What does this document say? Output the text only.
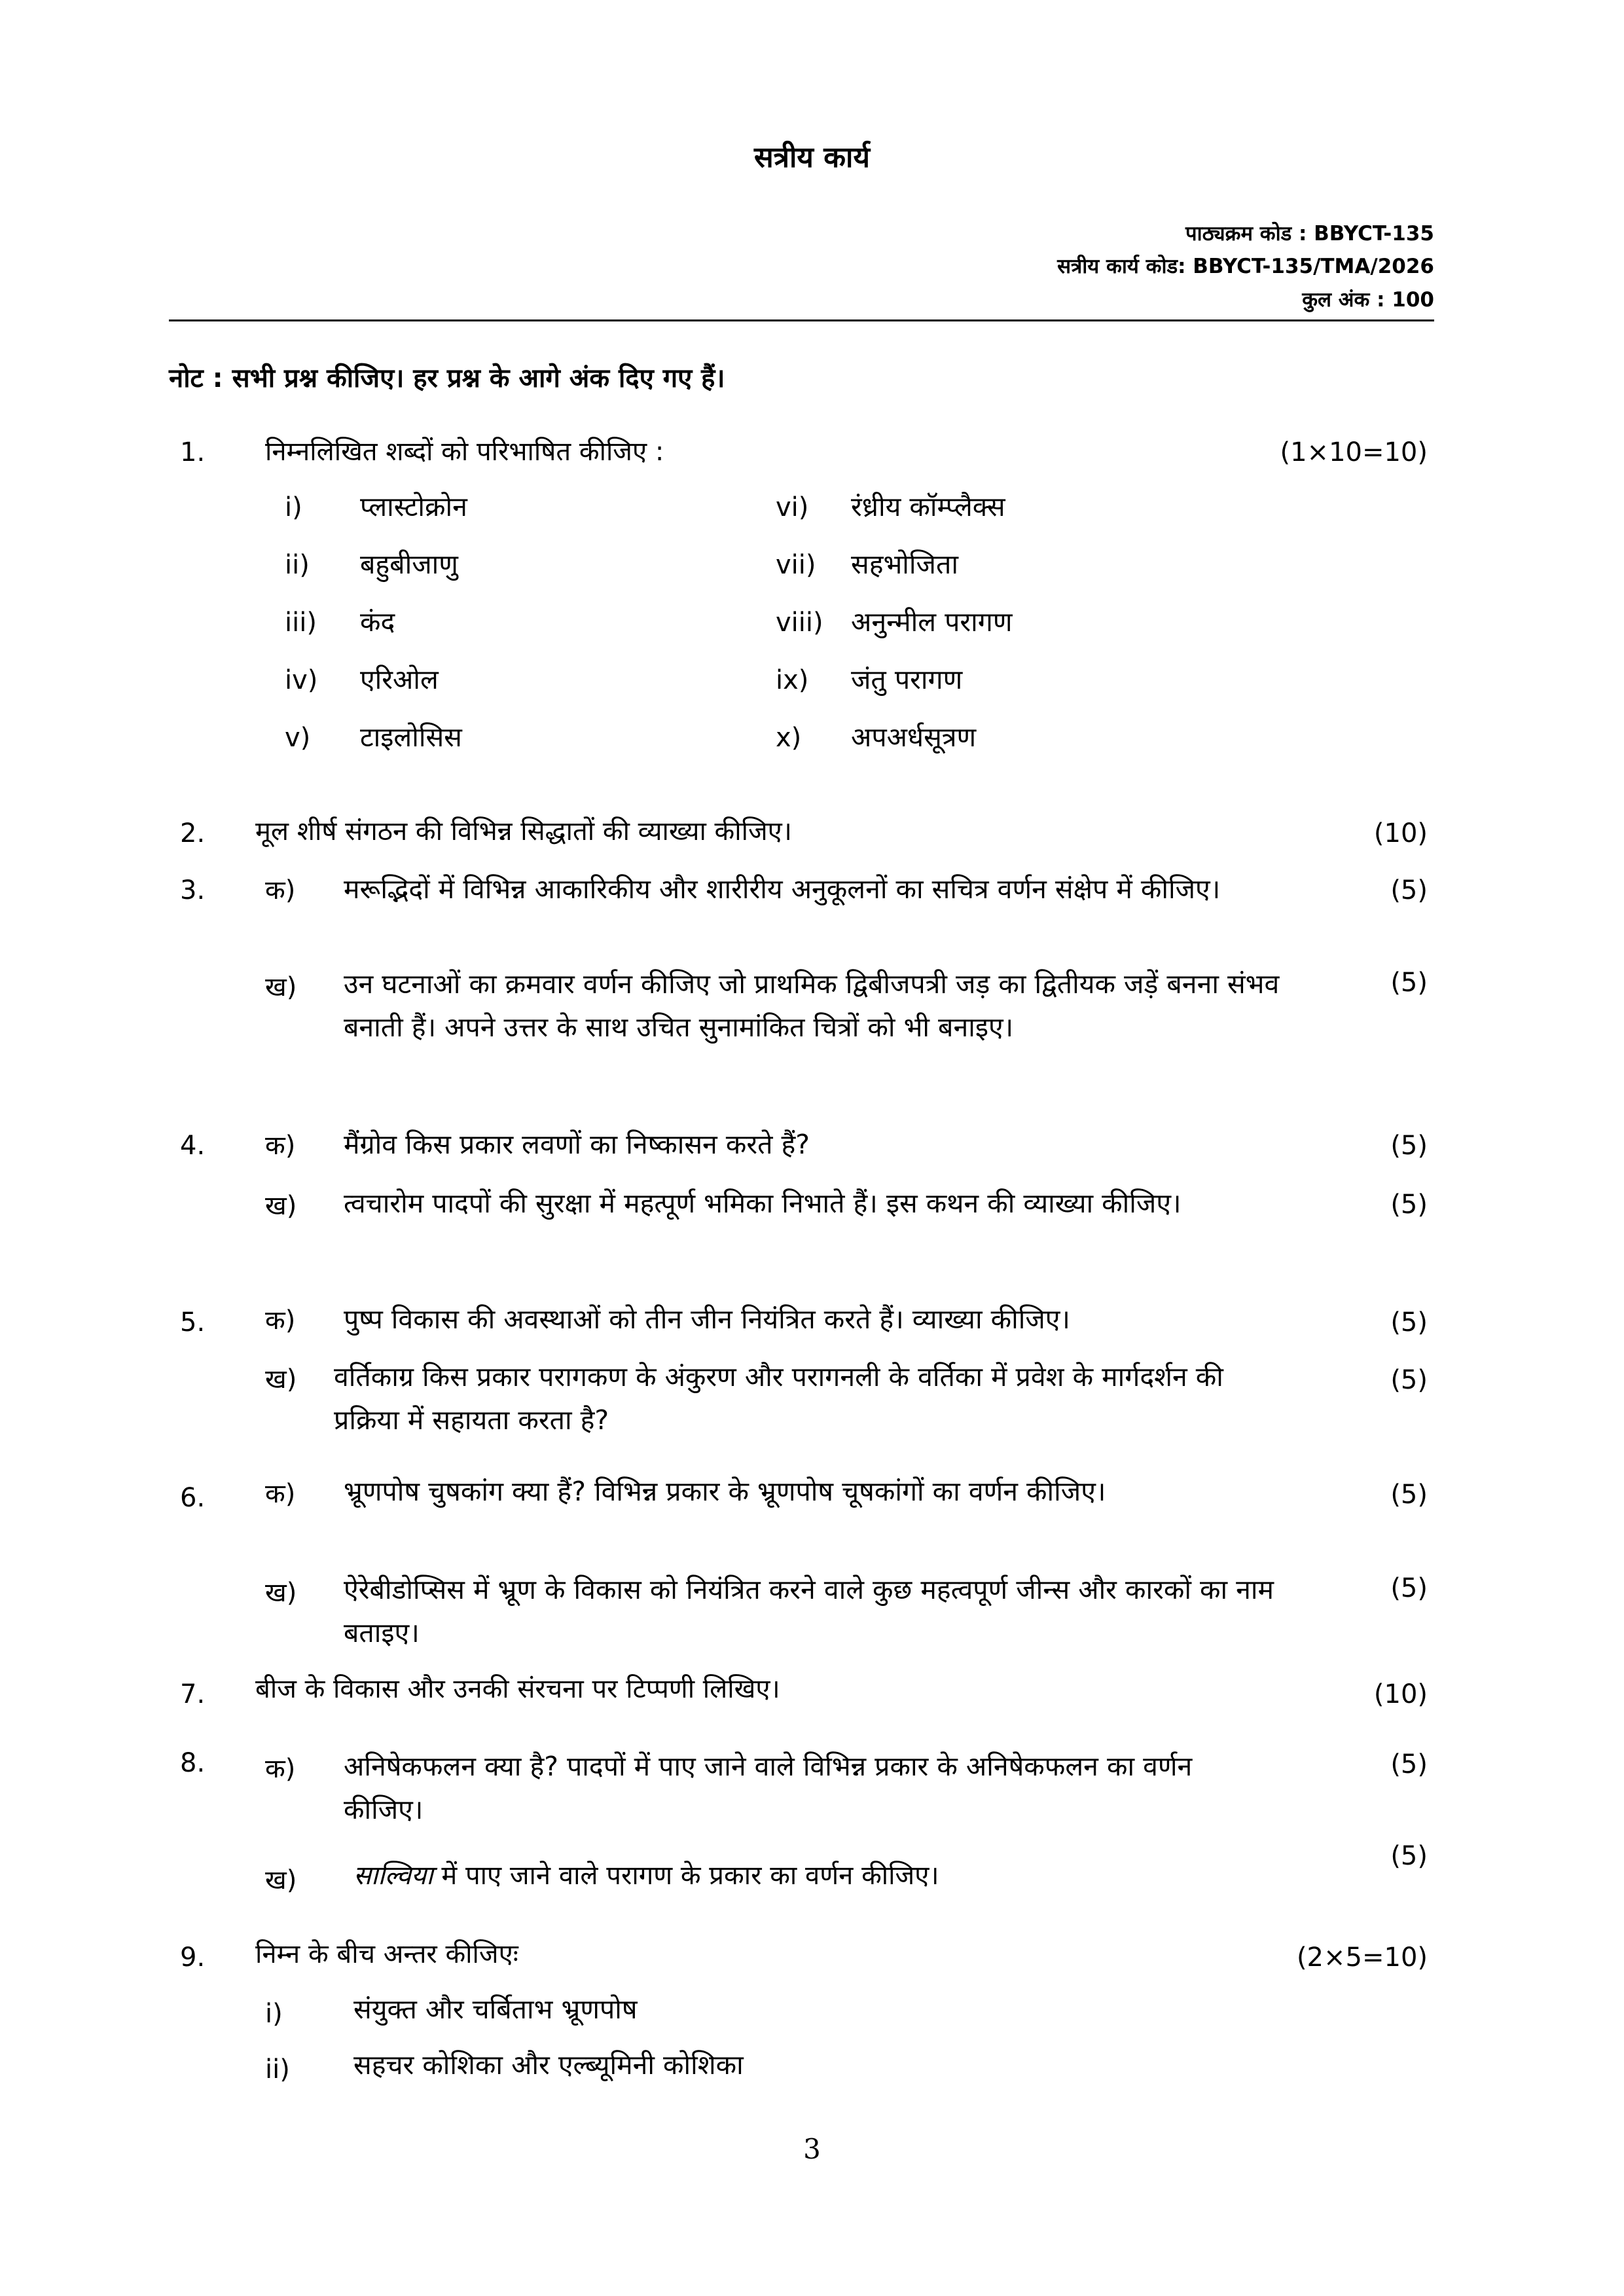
सत्रीय कार्य
पाठ्यक्रम कोड : BBYCT-135
सत्रीय कार्य कोड: BBYCT-135/TMA/2026
कुल अंक : 100
नोट : सभी प्रश्न कीजिए। हर प्रश्न के आगे अंक दिए गए हैं।
1. निम्नलिखित शब्दों को परिभाषित कीजिए :	(1×10=10)
i) प्लास्टोक्रोन
ii) बहुबीजाणु
iii) कंद
iv) एरिओल
v) टाइलोसिस
vi) रंध्रीय कॉम्प्लैक्स
vii) सहभोजिता
viii) अनुन्मील परागण
ix) जंतु परागण
x) अपअर्धसूत्रण
2. मूल शीर्ष संगठन की विभिन्न सिद्धातों की व्याख्या कीजिए।	(10)
3. क) मरूद्भिदों में विभिन्न आकारिकीय और शारीरीय अनुकूलनों का सचित्र वर्णन संक्षेप में कीजिए।	(5)
ख) उन घटनाओं का क्रमवार वर्णन कीजिए जो प्राथमिक द्विबीजपत्री जड़ का द्वितीयक जड़ें बनना संभव बनाती हैं। अपने उत्तर के साथ उचित सुनामांकित चित्रों को भी बनाइए।
(5)
4. क) मैंग्रोव किस प्रकार लवणों का निष्कासन करते हैं?	(5)
ख) त्वचारोम पादपों की सुरक्षा में महत्पूर्ण भमिका निभाते हैं। इस कथन की व्याख्या कीजिए।	(5)
5. क) पुष्प विकास की अवस्थाओं को तीन जीन नियंत्रित करते हैं। व्याख्या कीजिए।	(5)
ख) वर्तिकाग्र किस प्रकार परागकण के अंकुरण और परागनली के वर्तिका में प्रवेश के मार्गदर्शन की प्रक्रिया में सहायता करता है?
(5)
6. क) भ्रूणपोष चुषकांग क्या हैं? विभिन्न प्रकार के भ्रूणपोष चूषकांगों का वर्णन कीजिए।	(5)
ख) ऐरेबीडोप्सिस में भ्रूण के विकास को नियंत्रित करने वाले कुछ महत्वपूर्ण जीन्स और कारकों का नाम बताइए।
(5)
7. बीज के विकास और उनकी संरचना पर टिप्पणी लिखिए।	(10)
8. क) अनिषेकफलन क्या है? पादपों में पाए जाने वाले विभिन्न प्रकार के अनिषेकफलन का वर्णन कीजिए।
(5)
ख) साल्विया में पाए जाने वाले परागण के प्रकार का वर्णन कीजिए।
(5)
9. निम्न के बीच अन्तर कीजिएः	(2×5=10)
i)	संयुक्त और चर्बिताभ भ्रूणपोष
ii) सहचर कोशिका और एल्ब्यूमिनी कोशिका
3
